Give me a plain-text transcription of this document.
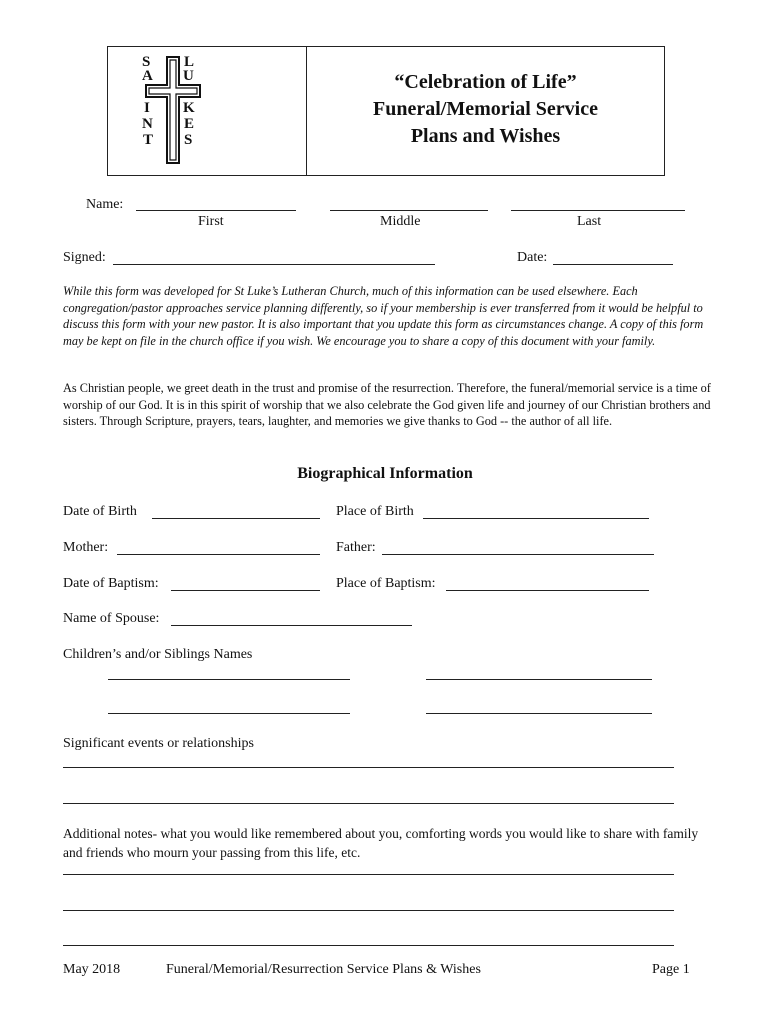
S
A
I
N
T
L
U
K
E
S
“Celebration of Life”
Funeral/Memorial Service
Plans and Wishes
Name:
First	Middle	Last
Signed:	Date:
While this form was developed for St Luke’s Lutheran Church, much of this information can be used elsewhere. Each congregation/pastor approaches service planning differently, so if your membership is ever transferred from it would be helpful to discuss this form with your new pastor. It is also important that you update this form as circumstances change. A copy of this form may be kept on file in the church office if you wish. We encourage you to share a copy of this document with your family.
As Christian people, we greet death in the trust and promise of the resurrection. Therefore, the funeral/memorial service is a time of worship of our God. It is in this spirit of worship that we also celebrate the God given life and journey of our Christian brothers and sisters. Through Scripture, prayers, tears, laughter, and memories we give thanks to God -- the author of all life.
Biographical Information
Date of Birth	Place of Birth
Mother:	Father:
Date of Baptism:	Place of Baptism:
Name of Spouse:
Children’s and/or Siblings Names
Significant events or relationships
Additional notes- what you would like remembered about you, comforting words you would like to share with family and friends who mourn your passing from this life, etc.
May 2018	Funeral/Memorial/Resurrection Service Plans & Wishes	Page 1
